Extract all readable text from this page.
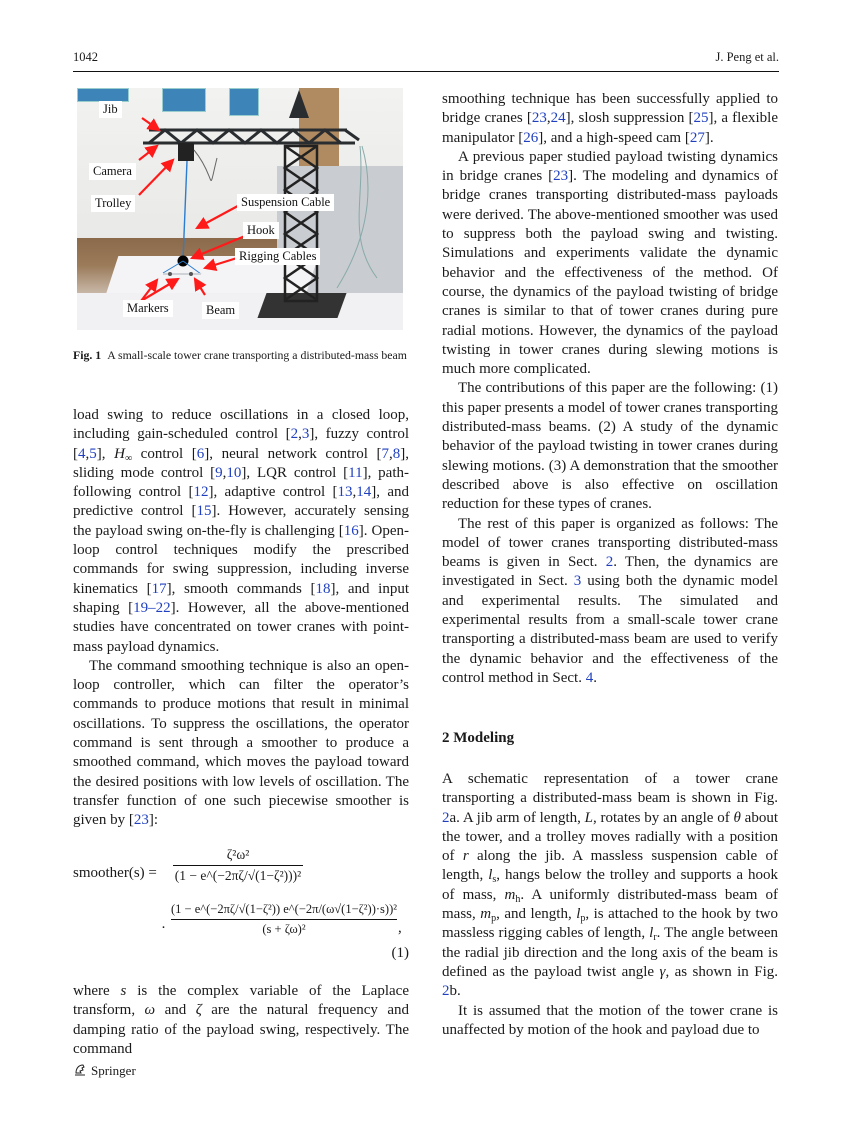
1042	J. Peng et al.
Jib
Camera
Trolley	Suspension Cable
Hook
Rigging Cables
Markers	Beam
Fig. 1 A small-scale tower crane transporting a distributed-mass beam

load swing to reduce oscillations in a closed loop, including gain-scheduled control [2,3], fuzzy control [4,5], $H_\infty$ control [6], neural network control [7,8], sliding mode control [9,10], LQR control [11], path-following control [12], adaptive control [13,14], and predictive control [15]. However, accurately sensing the payload swing on-the-fly is challenging [16]. Open-loop control techniques modify the prescribed commands for swing suppression, including inverse kinematics [17], smooth commands [18], and input shaping [19–22]. However, all the above-mentioned studies have concentrated on tower cranes with point-mass payload dynamics.

The command smoothing technique is also an open-loop controller, which can filter the operator’s commands to produce motions that result in minimal oscillations. To suppress the oscillations, the operator command is sent through a smoother to produce a smoothed command, which moves the payload toward the desired positions with low levels of oscillation. The transfer function of one such piecewise smoother is given by [23]:

smoother(s) =
ζ²ω²
(1 − e^(−2πζ/√(1−ζ²)))²
·
(1 − e^(−2πζ/√(1−ζ²)) e^(−2π/(ω√(1−ζ²))·s))²
(s + ζω)²	,
(1)

where s is the complex variable of the Laplace transform, ω and ζ are the natural frequency and damping ratio of the payload swing, respectively. The command

smoothing technique has been successfully applied to bridge cranes [23,24], slosh suppression [25], a flexible manipulator [26], and a high-speed cam [27].

A previous paper studied payload twisting dynamics in bridge cranes [23]. The modeling and dynamics of bridge cranes transporting distributed-mass payloads were derived. The above-mentioned smoother was used to suppress both the payload swing and twisting. Simulations and experiments validate the dynamic behavior and the effectiveness of the method. Of course, the dynamics of the payload twisting of bridge cranes is similar to that of tower cranes during pure radial motions. However, the dynamics of the payload twisting in tower cranes during slewing motions is much more complicated.

The contributions of this paper are the following: (1) this paper presents a model of tower cranes transporting distributed-mass beams. (2) A study of the dynamic behavior of the payload twisting in tower cranes during slewing motions. (3) A demonstration that the smoother described above is also effective on oscillation reduction for these types of cranes.

The rest of this paper is organized as follows: The model of tower cranes transporting distributed-mass beams is given in Sect. 2. Then, the dynamics are investigated in Sect. 3 using both the dynamic model and experimental results. The simulated and experimental results from a small-scale tower crane transporting a distributed-mass beam are used to verify the dynamic behavior and the effectiveness of the control method in Sect. 4.

2 Modeling

A schematic representation of a tower crane transporting a distributed-mass beam is shown in Fig. 2a. A jib arm of length, L, rotates by an angle of θ about the tower, and a trolley moves radially with a position of r along the jib. A massless suspension cable of length, $l_s$, hangs below the trolley and supports a hook of mass, $m_h$. A uniformly distributed-mass beam of mass, $m_p$, and length, $l_p$, is attached to the hook by two massless rigging cables of length, $l_r$. The angle between the radial jib direction and the long axis of the beam is defined as the payload twist angle γ, as shown in Fig. 2b.

It is assumed that the motion of the tower crane is unaffected by motion of the hook and payload due to

Springer
